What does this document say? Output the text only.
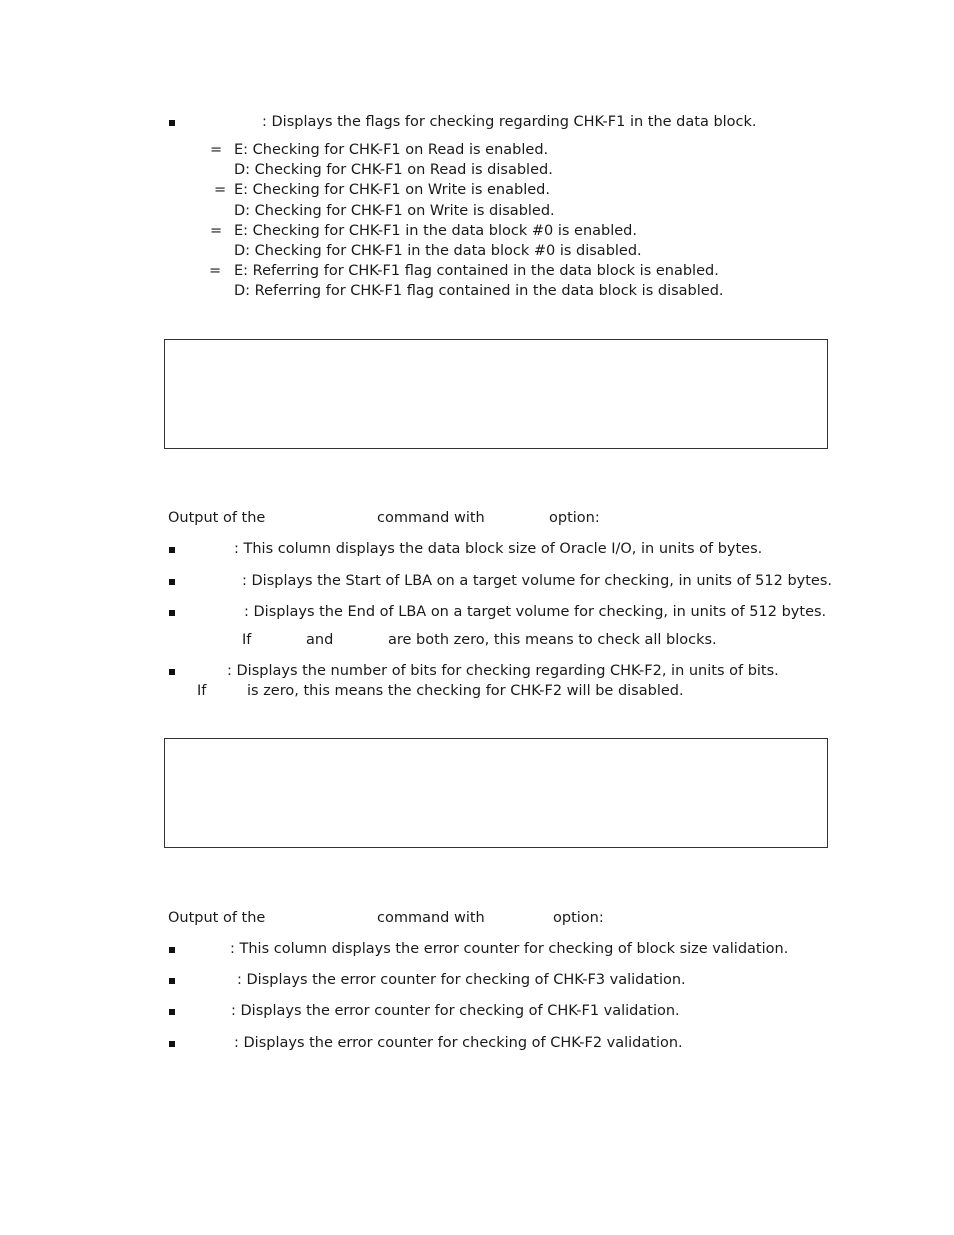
: Displays the flags for checking regarding CHK-F1 in the data block.
= E: Checking for CHK-F1 on Read is enabled.
D: Checking for CHK-F1 on Read is disabled.
= E: Checking for CHK-F1 on Write is enabled.
D: Checking for CHK-F1 on Write is disabled.
= E: Checking for CHK-F1 in the data block #0 is enabled.
D: Checking for CHK-F1 in the data block #0 is disabled.
= E: Referring for CHK-F1 flag contained in the data block is enabled.
D: Referring for CHK-F1 flag contained in the data block is disabled.
Output of the	command with	option:
: This column displays the data block size of Oracle I/O, in units of bytes.
: Displays the Start of LBA on a target volume for checking, in units of 512 bytes.
: Displays the End of LBA on a target volume for checking, in units of 512 bytes.
If	and	are both zero, this means to check all blocks.
: Displays the number of bits for checking regarding CHK-F2, in units of bits.
If	is zero, this means the checking for CHK-F2 will be disabled.
Output of the	command with	option:
: This column displays the error counter for checking of block size validation.
: Displays the error counter for checking of CHK-F3 validation.
: Displays the error counter for checking of CHK-F1 validation.
: Displays the error counter for checking of CHK-F2 validation.
